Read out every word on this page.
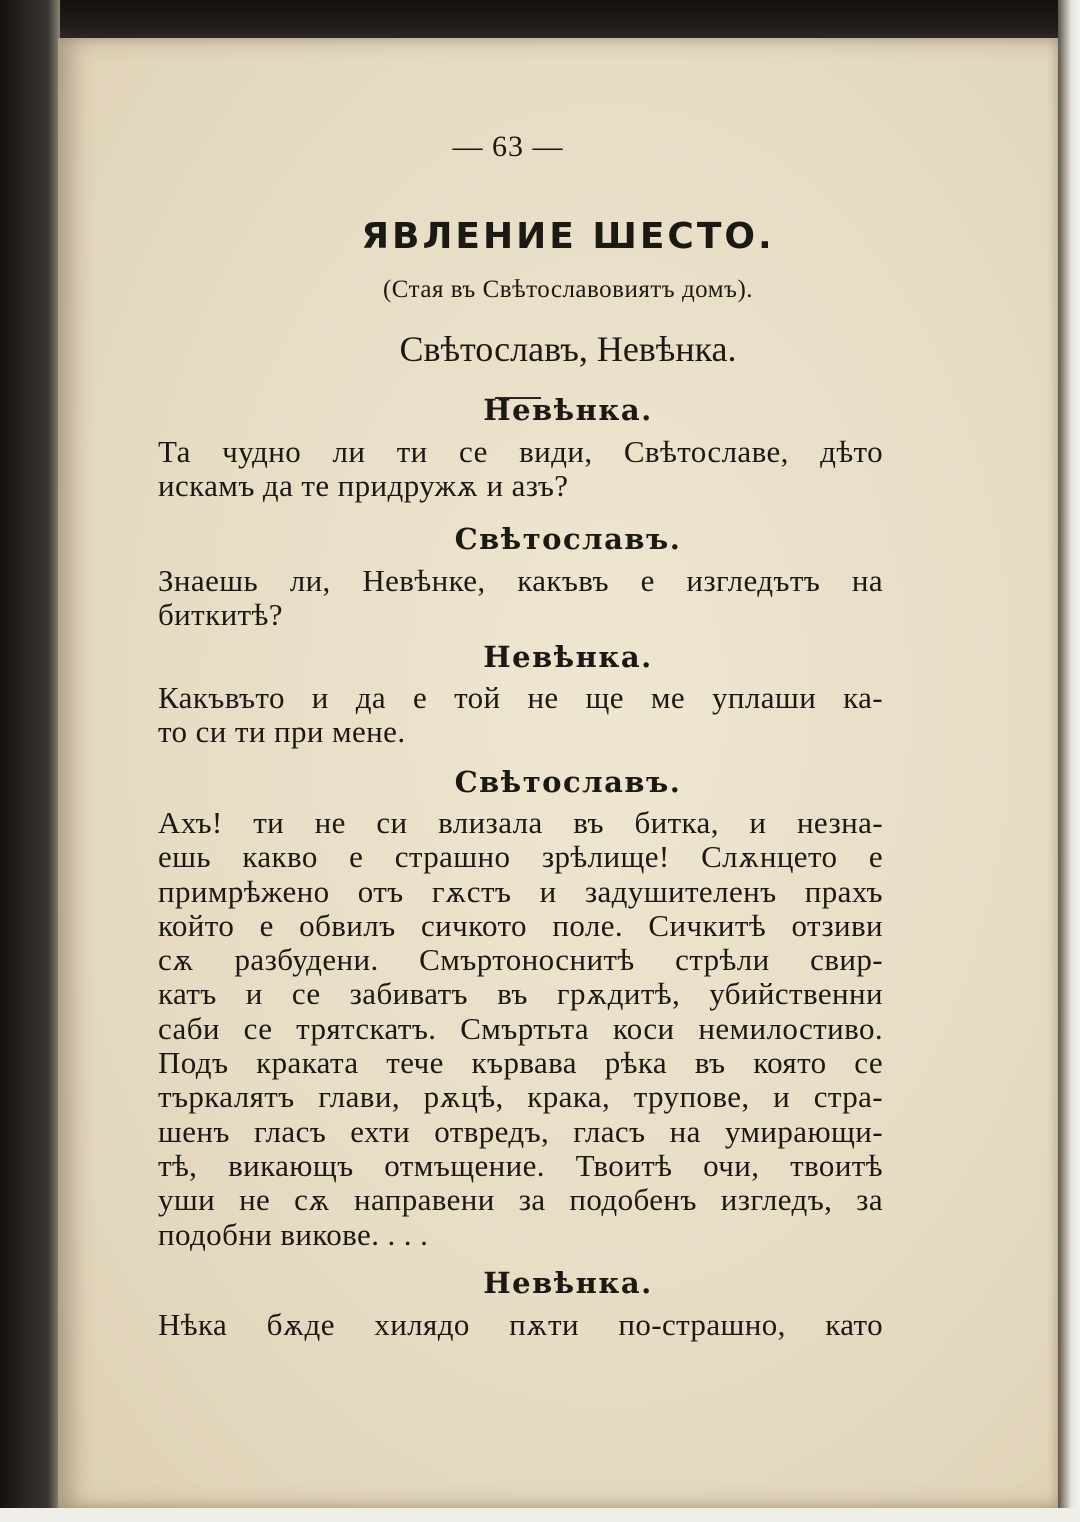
— 63 —
ЯВЛЕНИЕ ШЕСТО.
(Стая въ Свѣтославовиятъ домъ).
Свѣтославъ, Невѣнка.
Невѣнка.
Та чудно ли ти се види, Свѣтославе, дѣто
искамъ да те придружѫ и азъ?
Свѣтославъ.
Знаешь ли, Невѣнке, какъвъ е изгледътъ на
биткитѣ?
Невѣнка.
Какъвъто и да е той не ще ме уплаши ка-
то си ти при мене.
Свѣтославъ.
Ахъ! ти не си влизала въ битка, и незна-
ешь какво е страшно зрѣлище! Слѫнцето е
примрѣжено отъ гѫстъ и задушителенъ прахъ
който е обвилъ сичкото поле. Сичкитѣ отзиви
сѫ разбудени. Смъртоноснитѣ стрѣли свир-
катъ и се забиватъ въ грѫдитѣ, убийственни
саби се трятскатъ. Смъртьта коси немилостиво.
Подъ краката тече кървава рѣка въ която се
търкалятъ глави, рѫцѣ, крака, трупове, и стра-
шенъ гласъ ехти отвредъ, гласъ на умирающи-
тѣ, викающъ отмъщение. Твоитѣ очи, твоитѣ
уши не сѫ направени за подобенъ изгледъ, за
подобни викове. . . .
Невѣнка.
Нѣка бѫде хилядо пѫти по-страшно, като
